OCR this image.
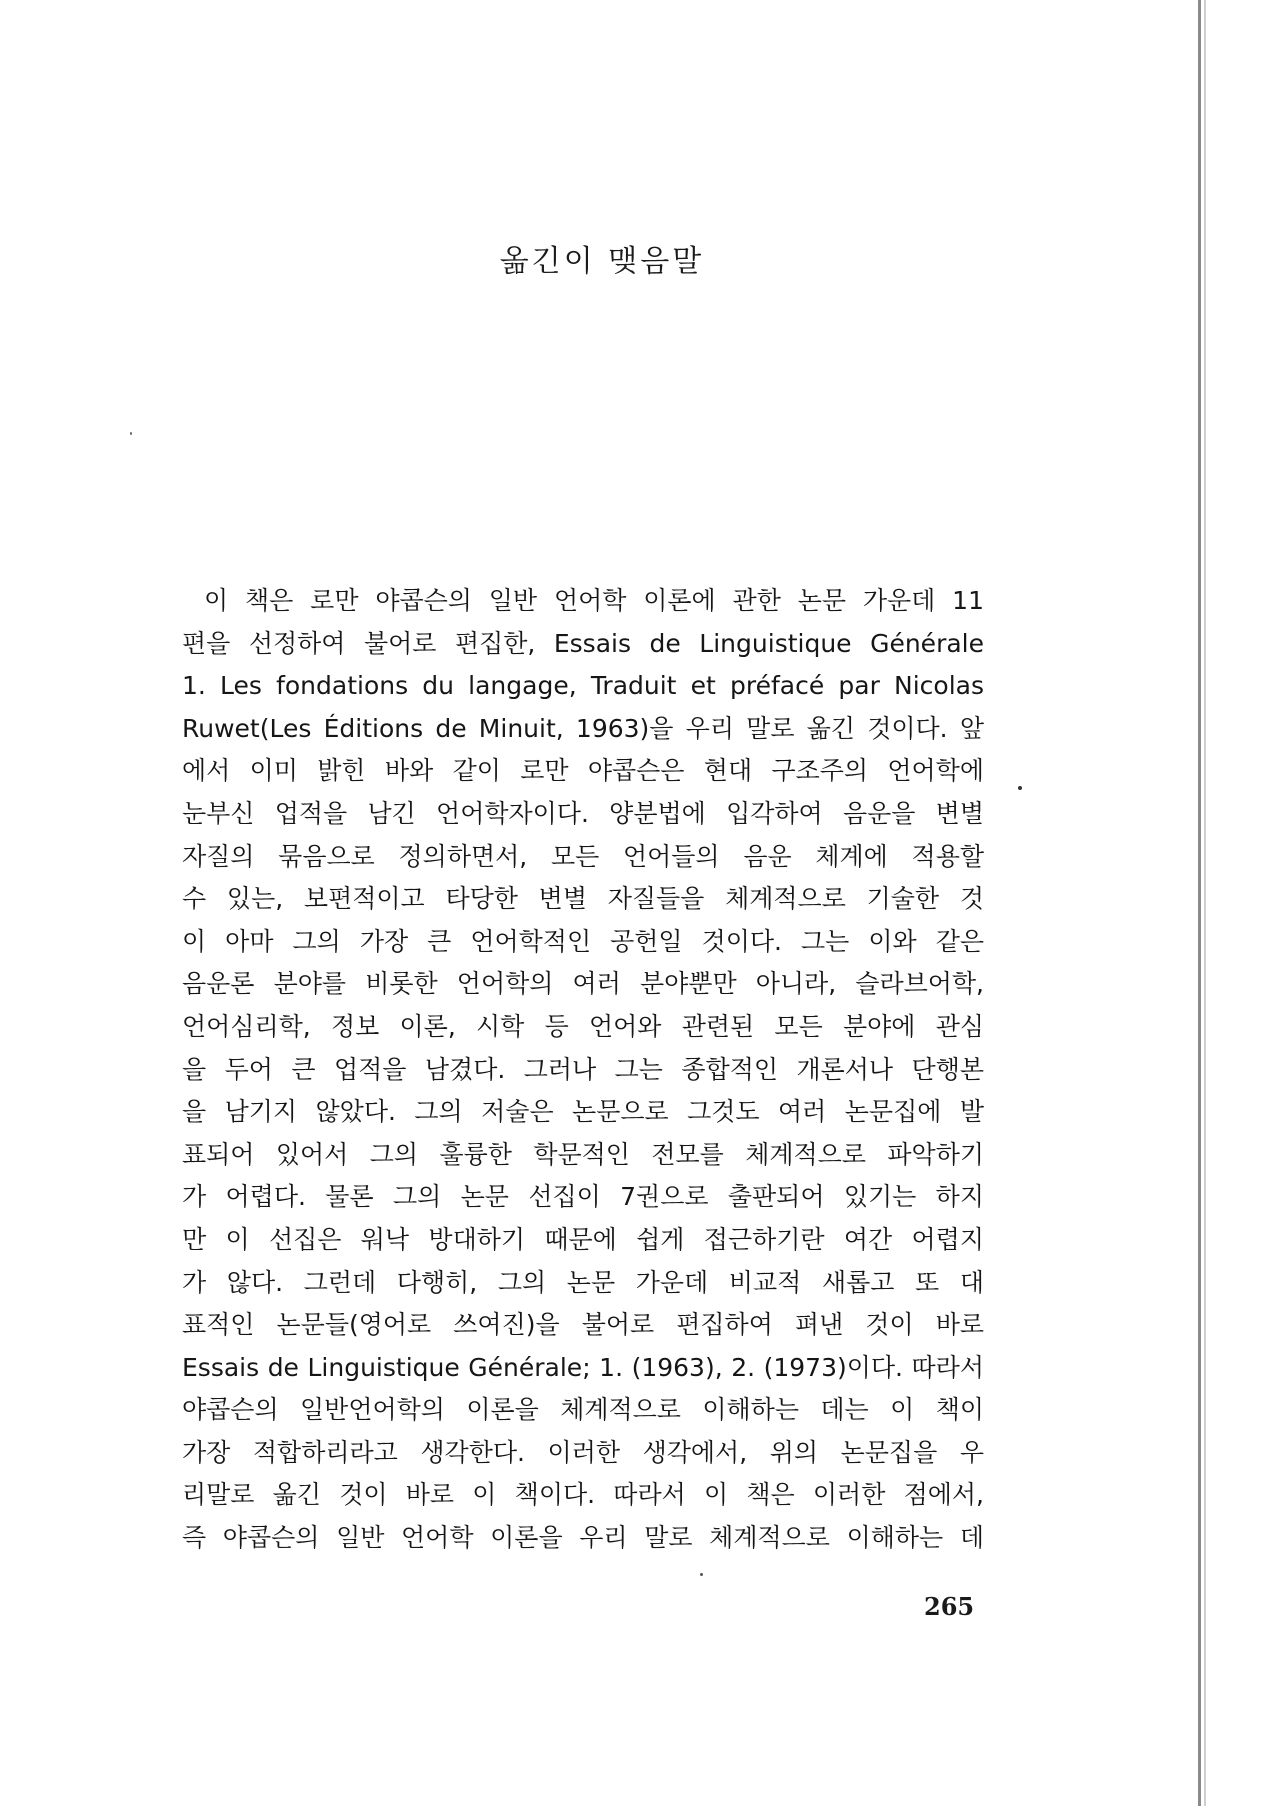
옮긴이 맺음말
이 책은 로만 야콥슨의 일반 언어학 이론에 관한 논문 가운데 11
편을 선정하여 불어로 편집한, Essais de Linguistique Générale
1. Les fondations du langage, Traduit et préfacé par Nicolas
Ruwet(Les Éditions de Minuit, 1963)을 우리 말로 옮긴 것이다. 앞
에서 이미 밝힌 바와 같이 로만 야콥슨은 현대 구조주의 언어학에
눈부신 업적을 남긴 언어학자이다. 양분법에 입각하여 음운을 변별
자질의 묶음으로 정의하면서, 모든 언어들의 음운 체계에 적용할
수 있는, 보편적이고 타당한 변별 자질들을 체계적으로 기술한 것
이 아마 그의 가장 큰 언어학적인 공헌일 것이다. 그는 이와 같은
음운론 분야를 비롯한 언어학의 여러 분야뿐만 아니라, 슬라브어학,
언어심리학, 정보 이론, 시학 등 언어와 관련된 모든 분야에 관심
을 두어 큰 업적을 남겼다. 그러나 그는 종합적인 개론서나 단행본
을 남기지 않았다. 그의 저술은 논문으로 그것도 여러 논문집에 발
표되어 있어서 그의 훌륭한 학문적인 전모를 체계적으로 파악하기
가 어렵다. 물론 그의 논문 선집이 7권으로 출판되어 있기는 하지
만 이 선집은 워낙 방대하기 때문에 쉽게 접근하기란 여간 어렵지
가 않다. 그런데 다행히, 그의 논문 가운데 비교적 새롭고 또 대
표적인 논문들(영어로 쓰여진)을 불어로 편집하여 펴낸 것이 바로
Essais de Linguistique Générale; 1. (1963), 2. (1973)이다. 따라서
야콥슨의 일반언어학의 이론을 체계적으로 이해하는 데는 이 책이
가장 적합하리라고 생각한다. 이러한 생각에서, 위의 논문집을 우
리말로 옮긴 것이 바로 이 책이다. 따라서 이 책은 이러한 점에서,
즉 야콥슨의 일반 언어학 이론을 우리 말로 체계적으로 이해하는 데
265
